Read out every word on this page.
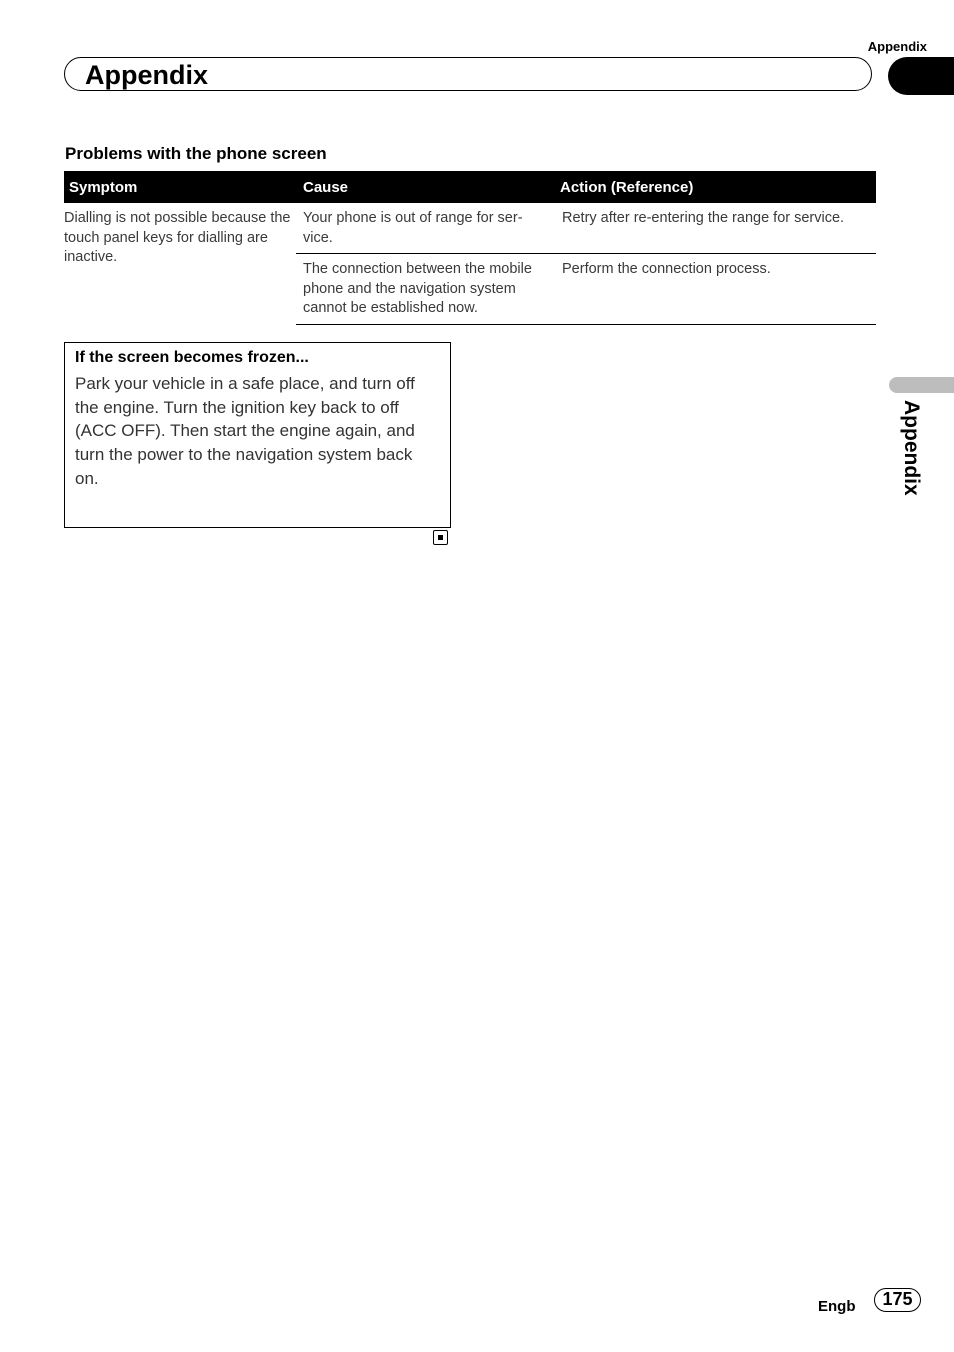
Appendix
Appendix
Problems with the phone screen
Symptom	Cause	Action (Reference)
Dialling is not possible because the touch panel keys for dialling are inactive.	Your phone is out of range for ser-vice.	Retry after re-entering the range for service.
	The connection between the mobile phone and the navigation system cannot be established now.	Perform the connection process.
If the screen becomes frozen...

Park your vehicle in a safe place, and turn off the engine. Turn the ignition key back to off (ACC OFF). Then start the engine again, and turn the power to the navigation system back on.	Appendix
Engb	175
